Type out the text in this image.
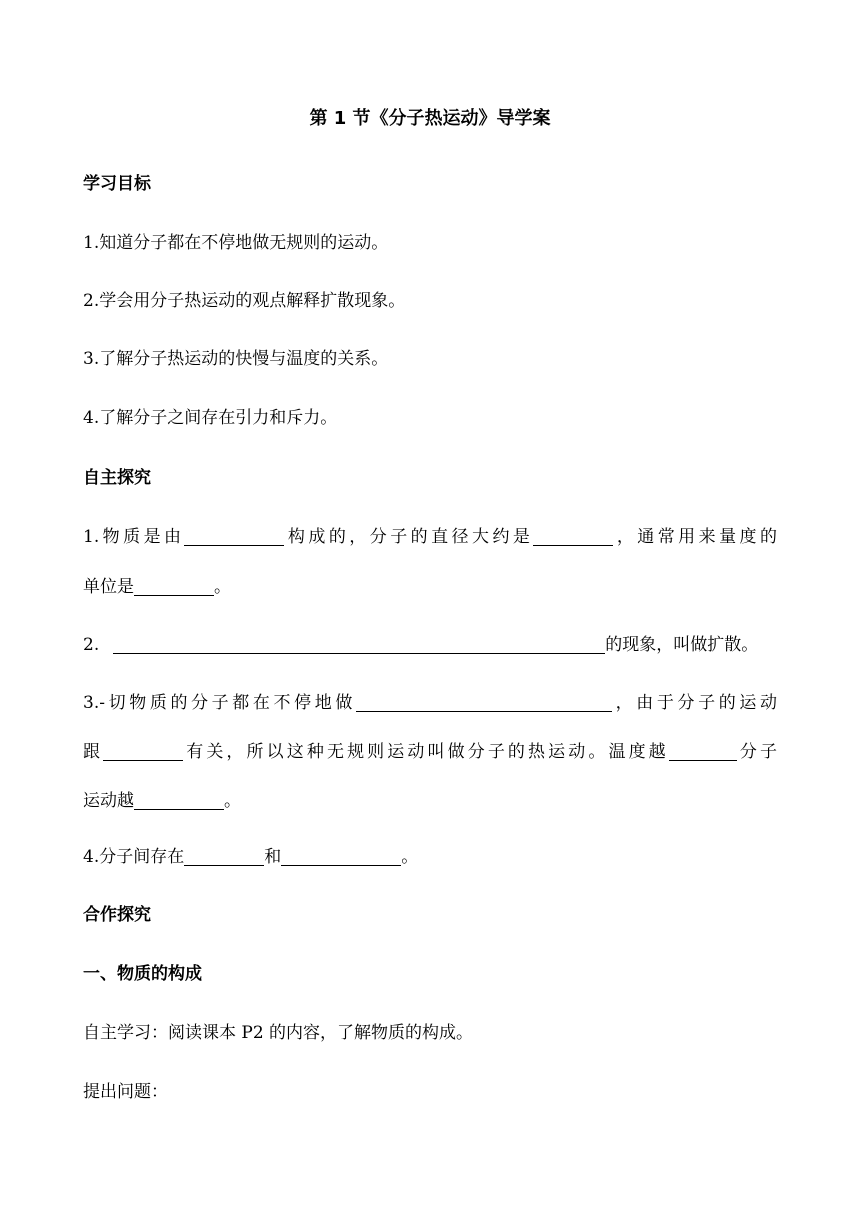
第 1 节《分子热运动》导学案
学习目标
1.知道分子都在不停地做无规则的运动。
2.学会用分子热运动的观点解释扩散现象。
3.了解分子热运动的快慢与温度的关系。
4.了解分子之间存在引力和斥力。
自主探究
1.物质是由	构成的，分子的直径大约是	，通常用来量度的
单位是	。
2.	的现象，叫做扩散。
3.-切物质的分子都在不停地做	，由于分子的运动
跟	有关，所以这种无规则运动叫做分子的热运动。温度越	分子
运动越	。
4.分子间存在	和	。
合作探究
一、物质的构成
自主学习：阅读课本 P2 的内容，了解物质的构成。
提出问题：
